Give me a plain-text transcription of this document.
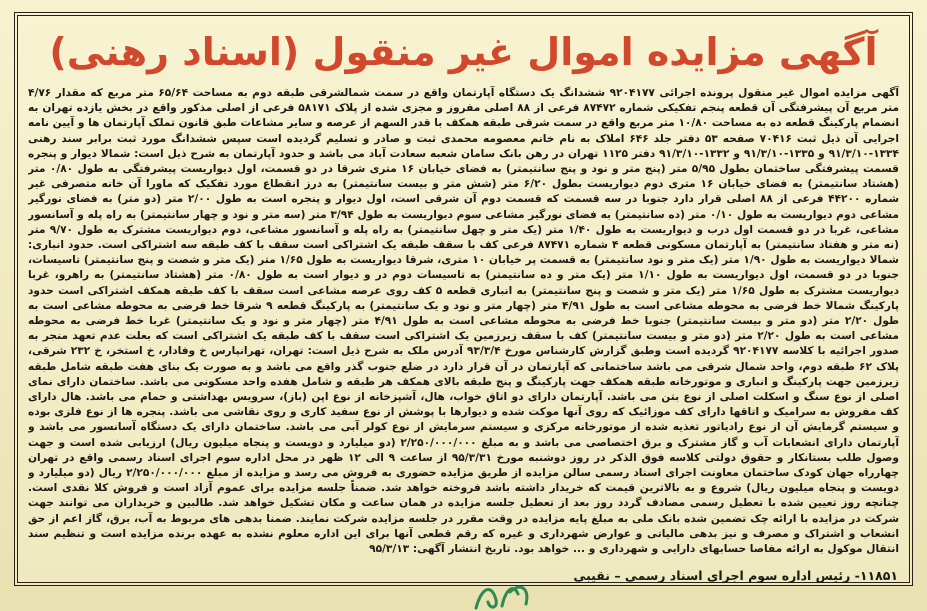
آگهی مزایده اموال غیر منقول (اسناد رهنی)
آگهی مزایده اموال غیر منقول پرونده اجرائی ۹۲۰۴۱۷۷ ششدانگ یک دستگاه آپارتمان واقع در سمت شمالشرقی طبقه دوم به مساحت ۶۵/۶۴ متر مربع که مقدار ۴/۷۶ متر مربع آن پیشرفتگی آن قطعه پنجم تفکیکی شماره ۸۷۴۷۲ فرعی از ۸۸ اصلی مفروز و مجزی شده از پلاک ۵۸۱۷۱ فرعی از اصلی مذکور واقع در بخش یازده تهران به انضمام پارکینگ قطعه ده به مساحت ۱۰/۸۰ متر مربع واقع در سمت شرقی طبقه همکف با قدر السهم از عرصه و سایر مشاعات طبق قانون تملک آپارتمان ها و آیین نامه اجرایی آن ذیل ثبت ۷۰۴۱۶ صفحه ۵۳ دفتر جلد ۶۴۶ املاک به نام خانم معصومه محمدی ثبت و صادر و تسلیم گردیده است سپس ششدانگ مورد ثبت برابر سند رهنی ۱۳۳۴-۹۱/۳/۱۰ و ۱۳۳۵-۹۱/۳/۱۰ و ۱۳۳۲-۹۱/۳/۱۰ دفتر ۱۱۲۵ تهران در رهن بانک سامان شعبه سعادت آباد می باشد و حدود آپارتمان به شرح ذیل است: شمالا دیوار و پنجره قسمت پیشرفتگی ساختمان بطول ۵/۹۵ متر (پنج متر و نود و پنج سانتیمتر) به فضای خیابان ۱۶ متری شرقا در دو قسمت، اول دیواریست پیشرفتگی به طول ۰/۸۰ متر (هشتاد سانتیمتر) به فضای خیابان ۱۶ متری دوم دیواریست بطول ۶/۲۰ متر (شش متر و بیست سانتیمتر) به درز انقطاع مورد تفکیک که ماورا آن خانه متصرفی غیر شماره ۴۴۲۰۰ فرعی از ۸۸ اصلی قرار دارد جنوبا در سه قسمت که قسمت دوم آن شرقی است، اول دیوار و پنجره است به طول ۲/۰۰ متر (دو متر) به فضای نورگیر مشاعی دوم دیواریست به طول ۰/۱۰ متر (ده سانتیمتر) به فضای نورگیر مشاعی سوم دیواریست به طول ۳/۹۴ متر (سه متر و نود و چهار سانتیمتر) به راه پله و آسانسور مشاعی، غربا در دو قسمت اول درب و دیواریست به طول ۱/۴۰ متر (یک متر و چهل سانتیمتر) به راه پله و آسانسور مشاعی، دوم دیواریست مشترک به طول ۹/۷۰ متر (نه متر و هفتاد سانتیمتر) به آپارتمان مسکونی قطعه ۴ شماره ۸۷۴۷۱ فرعی کف با سقف طبقه یک اشتراکی است سقف با کف طبقه سه اشتراکی است. حدود انباری: شمالا دیواریست به طول ۱/۹۰ متر (یک متر و نود سانتیمتر) به قسمت پر خیابان ۱۰ متری، شرقا دیواریست به طول ۱/۶۵ متر (یک متر و شصت و پنج سانتیمتر) تاسیسات، جنوبا در دو قسمت، اول دیواریست به طول ۱/۱۰ متر (یک متر و ده سانتیمتر) به تاسیسات دوم در و دیوار است به طول ۰/۸۰ متر (هشتاد سانتیمتر) به راهرو، غربا دیواریست مشترک به طول ۱/۶۵ متر (یک متر و شصت و پنج سانتیمتر) به انباری قطعه ۵ کف روی عرصه مشاعی است سقف با کف طبقه همکف اشتراکی است حدود پارکینگ شمالا خط فرضی به محوطه مشاعی است به طول ۴/۹۱ متر (چهار متر و نود و یک سانتیمتر) به پارکینگ قطعه ۹ شرقا خط فرضی به محوطه مشاعی است به طول ۲/۲۰ متر (دو متر و بیست سانتیمتر) جنوبا خط فرضی به محوطه مشاعی است به طول ۴/۹۱ متر (چهار متر و نود و یک سانتیمتر) غربا خط فرضی به محوطه مشاعی است به طول ۲/۲۰ متر (دو متر و بیست سانتیمتر) کف با سقف زیرزمین یک اشتراکی است سقف با کف طبقه یک اشتراکی است که بعلت عدم تعهد منجر به صدور اجرائیه با کلاسه ۹۲۰۴۱۷۷ گردیده است وطبق گزارش کارشناس مورخ ۹۳/۳/۴ آدرس ملک به شرح ذیل است: تهران، تهرانپارس خ وفادار، خ استخر، خ ۲۳۲ شرقی، پلاک ۶۲ طبقه دوم، واحد شمال شرقی می باشد ساختمانی که آپارتمان در آن قرار دارد در ضلع جنوب گذر واقع می باشد و به صورت یک بنای هفت طبقه شامل طبقه زیرزمین جهت پارکینگ و انباری و موتورخانه طبقه همکف جهت پارکینگ و پنج طبقه بالای همکف هر طبقه و شامل هفده واحد مسکونی می باشد. ساختمان دارای نمای اصلی از نوع سنگ و اسکلت اصلی از نوع بتن می باشد. آپارتمان دارای دو اتاق خواب، هال، آشپزخانه از نوع اپن (باز)، سرویس بهداشتی و حمام می باشد. هال دارای کف مفروش به سرامیک و اتاقها دارای کف موزائیک که روی آنها موکت شده و دیوارها با پوشش از نوع سفید کاری و روی نقاشی می باشد. پنجره ها از نوع فلزی بوده و سیستم گرمایش آن از نوع رادیاتور تغذیه شده از موتورخانه مرکزی و سیستم سرمایش از نوع کولر آبی می باشد. ساختمان دارای یک دستگاه آسانسور می باشد و آپارتمان دارای انشعابات آب و گاز مشترک و برق اختصاصی می باشد و به مبلغ ۲/۲۵۰/۰۰۰/۰۰۰ (دو میلیارد و دویست و پنجاه میلیون ریال) ارزیابی شده است و جهت وصول طلب بستانکار و حقوق دولتی کلاسه فوق الذکر در روز دوشنبه مورخ ۹۵/۳/۳۱ از ساعت ۹ الی ۱۲ ظهر در محل اداره سوم اجرای اسناد رسمی واقع در تهران چهارراه جهان کودک ساختمان معاونت اجرای اسناد رسمی سالن مزایده از طریق مزایده حضوری به فروش می رسد و مزایده از مبلغ ۲/۲۵۰/۰۰۰/۰۰۰ ریال (دو میلیارد و دویست و پنجاه میلیون ریال) شروع و به بالاترین قیمت که خریدار داشته باشد فروخته خواهد شد. ضمناً جلسه مزایده برای عموم آزاد است و فروش کلا نقدی است. چنانچه روز تعیین شده با تعطیل رسمی مصادف گردد روز بعد از تعطیل جلسه مزایده در همان ساعت و مکان تشکیل خواهد شد. طالبین و خریداران می توانند جهت شرکت در مزایده با ارائه چک تضمین شده بانک ملی به مبلغ پایه مزایده در وقت مقرر در جلسه مزایده شرکت نمایند. ضمنا بدهی های مربوط به آب، برق، گاز اعم از حق انشعاب و اشتراک و مصرف و نیز بدهی مالیاتی و عوارض شهرداری و غیره که رقم قطعی آنها برای این اداره معلوم نشده به عهده برنده مزایده است و تنظیم سند انتقال موکول به ارائه مفاصا حسابهای دارایی و شهرداری و ... خواهد بود. تاریخ انتشار آگهی: ۹۵/۳/۱۳
۱۱۸۵۱- رئیس اداره سوم اجرای اسناد رسمی – نقیبی
